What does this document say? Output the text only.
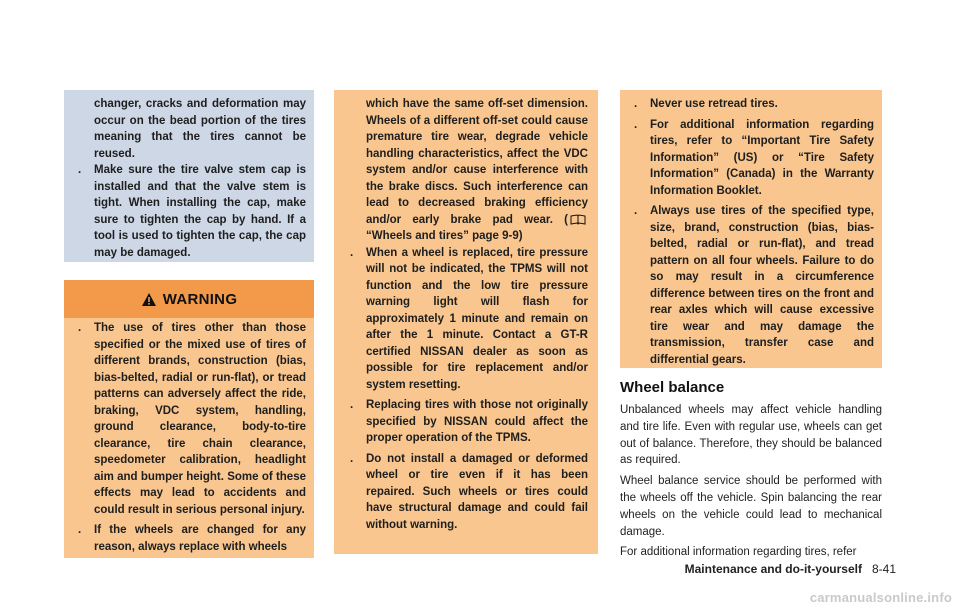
changer, cracks and deformation may occur on the bead portion of the tires meaning that the tires cannot be reused.

.	Make sure the tire valve stem cap is installed and that the valve stem is tight. When installing the cap, make sure to tighten the cap by hand. If a tool is used to tighten the cap, the cap may be damaged.
WARNING
.	The use of tires other than those specified or the mixed use of tires of different brands, construction (bias, bias-belted, radial or run-flat), or tread patterns can adversely affect the ride, braking, VDC system, handling, ground clearance, body-to-tire clearance, tire chain clearance, speedometer calibration, headlight aim and bumper height. Some of these effects may lead to accidents and could result in serious personal injury.
.	If the wheels are changed for any reason, always replace with wheels

which have the same off-set dimension. Wheels of a different off-set could cause premature tire wear, degrade vehicle handling characteristics, affect the VDC system and/or cause interference with the brake discs. Such interference can lead to decreased braking efficiency and/or early brake pad wear. (“Wheels and tires” page 9-9)

.	When a wheel is replaced, tire pressure will not be indicated, the TPMS will not function and the low tire pressure warning light will flash for approximately 1 minute and remain on after the 1 minute. Contact a GT-R certified NISSAN dealer as soon as possible for tire replacement and/or system resetting.
.	Replacing tires with those not originally specified by NISSAN could affect the proper operation of the TPMS.
.	Do not install a damaged or deformed wheel or tire even if it has been repaired. Such wheels or tires could have structural damage and could fail without warning.
.	Never use retread tires.
.	For additional information regarding tires, refer to “Important Tire Safety Information” (US) or “Tire Safety Information” (Canada) in the Warranty Information Booklet.
.	Always use tires of the specified type, size, brand, construction (bias, bias-belted, radial or run-flat), and tread pattern on all four wheels. Failure to do so may result in a circumference difference between tires on the front and rear axles which will cause excessive tire wear and may damage the transmission, transfer case and differential gears.
Wheel balance

Unbalanced wheels may affect vehicle handling and tire life. Even with regular use, wheels can get out of balance. Therefore, they should be balanced as required.

Wheel balance service should be performed with the wheels off the vehicle. Spin balancing the rear wheels on the vehicle could lead to mechanical damage.

For additional information regarding tires, refer

Maintenance and do-it-yourself 8-41
carmanualsonline.info
